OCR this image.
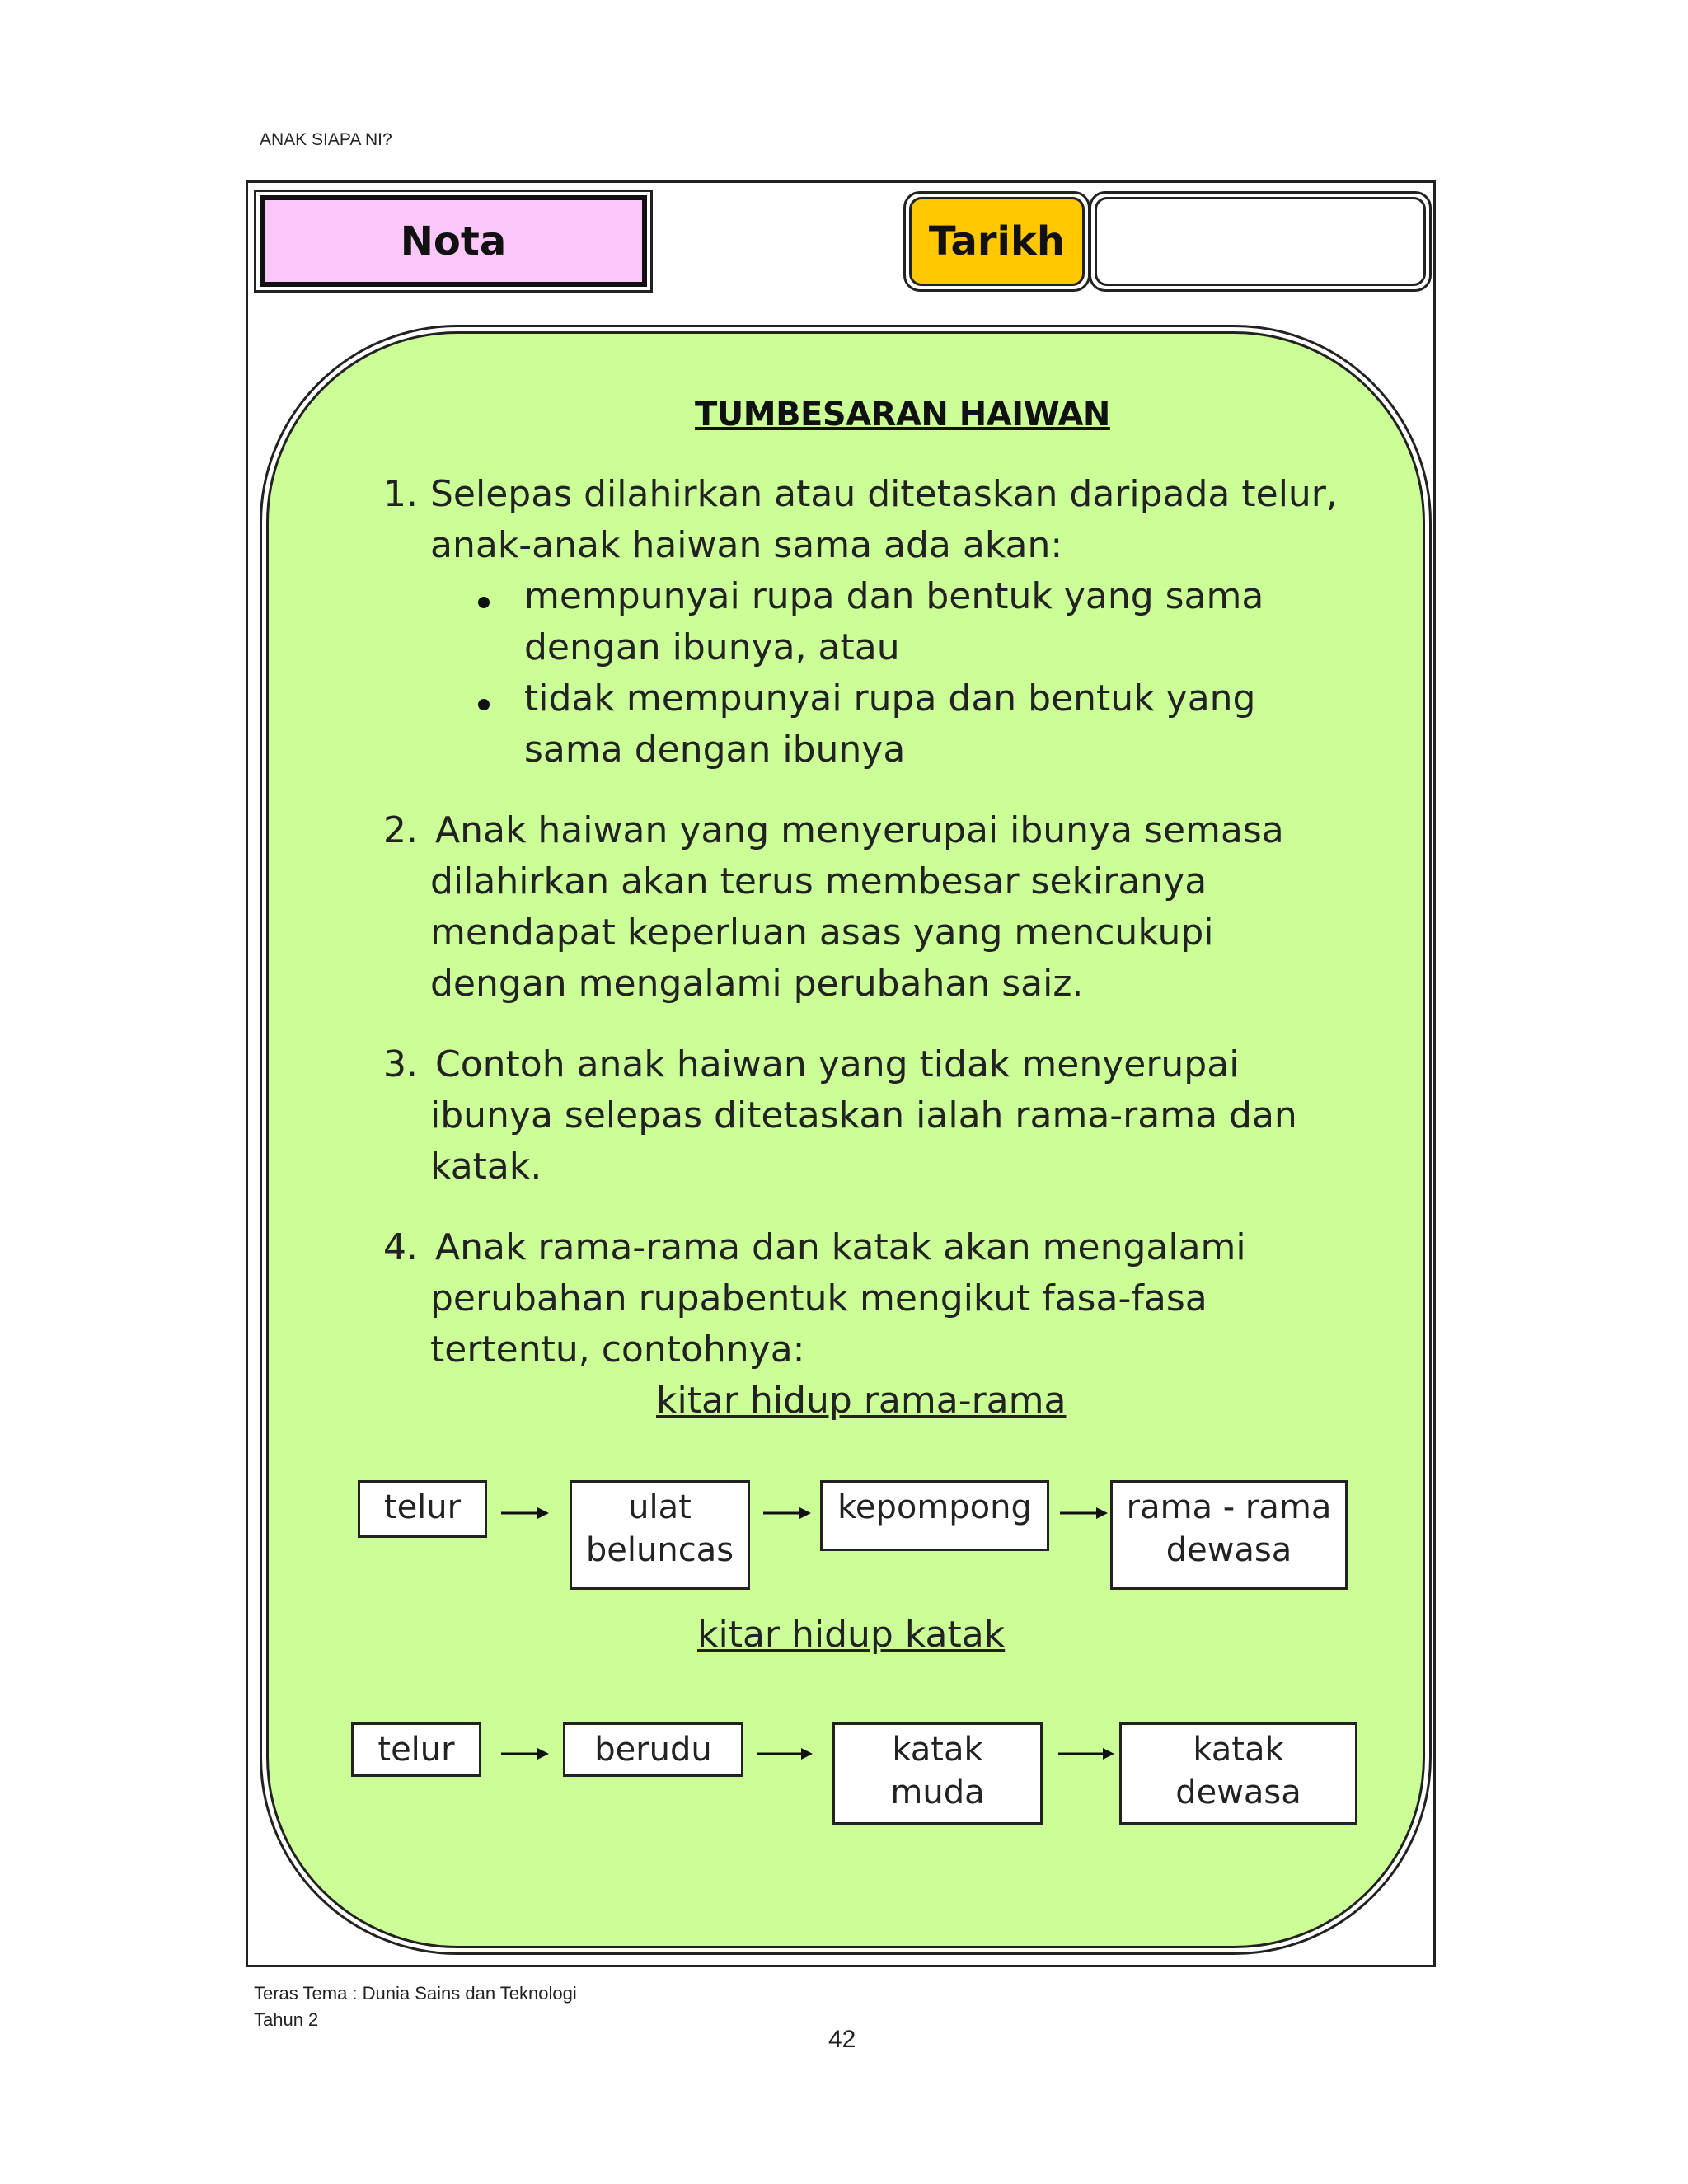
ANAK SIAPA NI?
Nota	Tarikh
TUMBESARAN HAIWAN
1. Selepas dilahirkan atau ditetaskan daripada telur,
anak-anak haiwan sama ada akan:
mempunyai rupa dan bentuk yang sama
dengan ibunya, atau
tidak mempunyai rupa dan bentuk yang
sama dengan ibunya
2. Anak haiwan yang menyerupai ibunya semasa
dilahirkan akan terus membesar sekiranya
mendapat keperluan asas yang mencukupi
dengan mengalami perubahan saiz.
3. Contoh anak haiwan yang tidak menyerupai
ibunya selepas ditetaskan ialah rama-rama dan
katak.
4. Anak rama-rama dan katak akan mengalami
perubahan rupabentuk mengikut fasa-fasa
tertentu, contohnya:
kitar hidup rama-rama
telur	ulat
beluncas
kepompong	rama - rama
dewasa
kitar hidup katak
telur	berudu	katak
muda
katak
dewasa
Teras Tema : Dunia Sains dan Teknologi
Tahun 2
42
